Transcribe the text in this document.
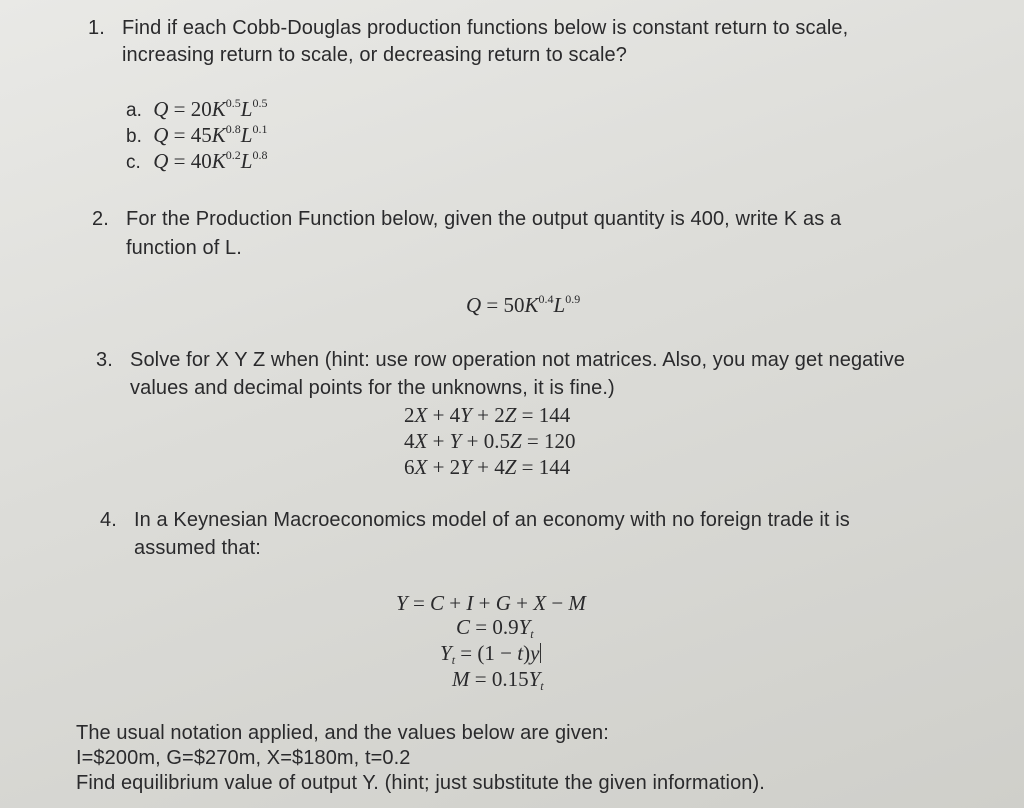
1. Find if each Cobb-Douglas production functions below is constant return to scale,
increasing return to scale, or decreasing return to scale?
a. $Q = 20K^{0.5}L^{0.5}$
b. $Q = 45K^{0.8}L^{0.1}$
c. $Q = 40K^{0.2}L^{0.8}$
2. For the Production Function below, given the output quantity is 400, write K as a
function of L.
$Q = 50K^{0.4}L^{0.9}$
3. Solve for X Y Z when (hint: use row operation not matrices. Also, you may get negative
values and decimal points for the unknowns, it is fine.)
2X + 4Y + 2Z = 144
4X + Y + 0.5Z = 120
6X + 2Y + 4Z = 144
4. In a Keynesian Macroeconomics model of an economy with no foreign trade it is
assumed that:
Y = C + I + G + X − M
$C = 0.9Y_t$
$Y_t = (1 - t)y$
$M = 0.15Y_t$
The usual notation applied, and the values below are given:
I=$200m, G=$270m, X=$180m, t=0.2
Find equilibrium value of output Y. (hint; just substitute the given information).
